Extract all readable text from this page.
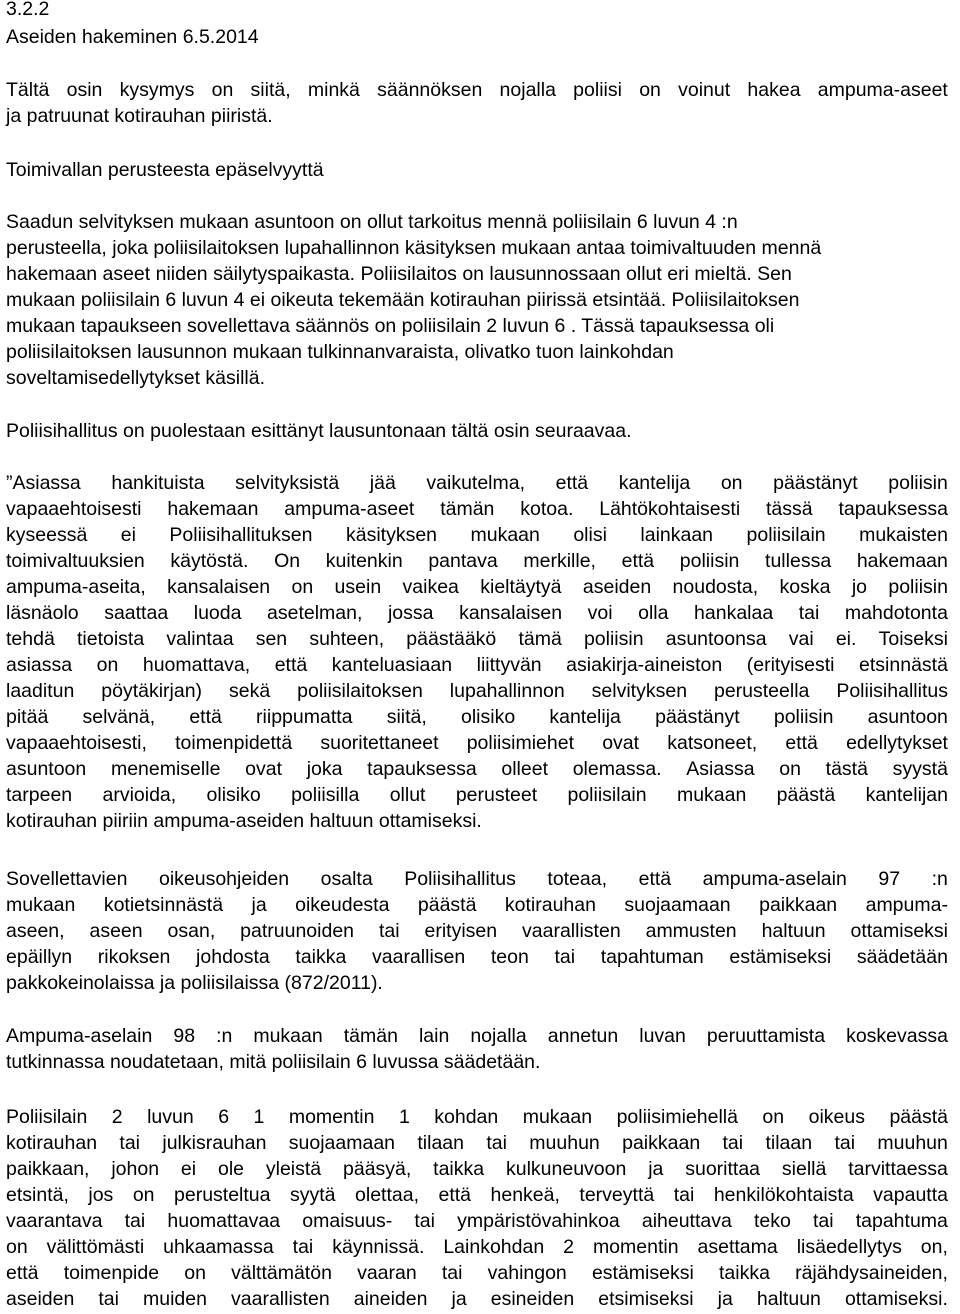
3.2.2
Aseiden hakeminen 6.5.2014
Tältä osin kysymys on siitä, minkä säännöksen nojalla poliisi on voinut hakea ampuma-aseet
ja patruunat kotirauhan piiristä.
Toimivallan perusteesta epäselvyyttä
Saadun selvityksen mukaan asuntoon on ollut tarkoitus mennä poliisilain 6 luvun 4 :n
perusteella, joka poliisilaitoksen lupahallinnon käsityksen mukaan antaa toimivaltuuden mennä
hakemaan aseet niiden säilytyspaikasta. Poliisilaitos on lausunnossaan ollut eri mieltä. Sen
mukaan poliisilain 6 luvun 4 ei oikeuta tekemään kotirauhan piirissä etsintää. Poliisilaitoksen
mukaan tapaukseen sovellettava säännös on poliisilain 2 luvun 6 . Tässä tapauksessa oli
poliisilaitoksen lausunnon mukaan tulkinnanvaraista, olivatko tuon lainkohdan
soveltamisedellytykset käsillä.
Poliisihallitus on puolestaan esittänyt lausuntonaan tältä osin seuraavaa.
”Asiassa hankituista selvityksistä jää vaikutelma, että kantelija on päästänyt poliisin
vapaaehtoisesti hakemaan ampuma-aseet tämän kotoa. Lähtökohtaisesti tässä tapauksessa
kyseessä ei Poliisihallituksen käsityksen mukaan olisi lainkaan poliisilain mukaisten
toimivaltuuksien käytöstä. On kuitenkin pantava merkille, että poliisin tullessa hakemaan
ampuma-aseita, kansalaisen on usein vaikea kieltäytyä aseiden noudosta, koska jo poliisin
läsnäolo saattaa luoda asetelman, jossa kansalaisen voi olla hankalaa tai mahdotonta
tehdä tietoista valintaa sen suhteen, päästääkö tämä poliisin asuntoonsa vai ei. Toiseksi
asiassa on huomattava, että kanteluasiaan liittyvän asiakirja-aineiston (erityisesti etsinnästä
laaditun pöytäkirjan) sekä poliisilaitoksen lupahallinnon selvityksen perusteella Poliisihallitus
pitää selvänä, että riippumatta siitä, olisiko kantelija päästänyt poliisin asuntoon
vapaaehtoisesti, toimenpidettä suoritettaneet poliisimiehet ovat katsoneet, että edellytykset
asuntoon menemiselle ovat joka tapauksessa olleet olemassa. Asiassa on tästä syystä
tarpeen arvioida, olisiko poliisilla ollut perusteet poliisilain mukaan päästä kantelijan
kotirauhan piiriin ampuma-aseiden haltuun ottamiseksi.
Sovellettavien oikeusohjeiden osalta Poliisihallitus toteaa, että ampuma-aselain 97 :n
mukaan kotietsinnästä ja oikeudesta päästä kotirauhan suojaamaan paikkaan ampuma-
aseen, aseen osan, patruunoiden tai erityisen vaarallisten ammusten haltuun ottamiseksi
epäillyn rikoksen johdosta taikka vaarallisen teon tai tapahtuman estämiseksi säädetään
pakkokeinolaissa ja poliisilaissa (872/2011).
Ampuma-aselain 98 :n mukaan tämän lain nojalla annetun luvan peruuttamista koskevassa
tutkinnassa noudatetaan, mitä poliisilain 6 luvussa säädetään.
Poliisilain 2 luvun 6 1 momentin 1 kohdan mukaan poliisimiehellä on oikeus päästä
kotirauhan tai julkisrauhan suojaamaan tilaan tai muuhun paikkaan tai tilaan tai muuhun
paikkaan, johon ei ole yleistä pääsyä, taikka kulkuneuvoon ja suorittaa siellä tarvittaessa
etsintä, jos on perusteltua syytä olettaa, että henkeä, terveyttä tai henkilökohtaista vapautta
vaarantava tai huomattavaa omaisuus- tai ympäristövahinkoa aiheuttava teko tai tapahtuma
on välittömästi uhkaamassa tai käynnissä. Lainkohdan 2 momentin asettama lisäedellytys on,
että toimenpide on välttämätön vaaran tai vahingon estämiseksi taikka räjähdysaineiden,
aseiden tai muiden vaarallisten aineiden ja esineiden etsimiseksi ja haltuun ottamiseksi.
